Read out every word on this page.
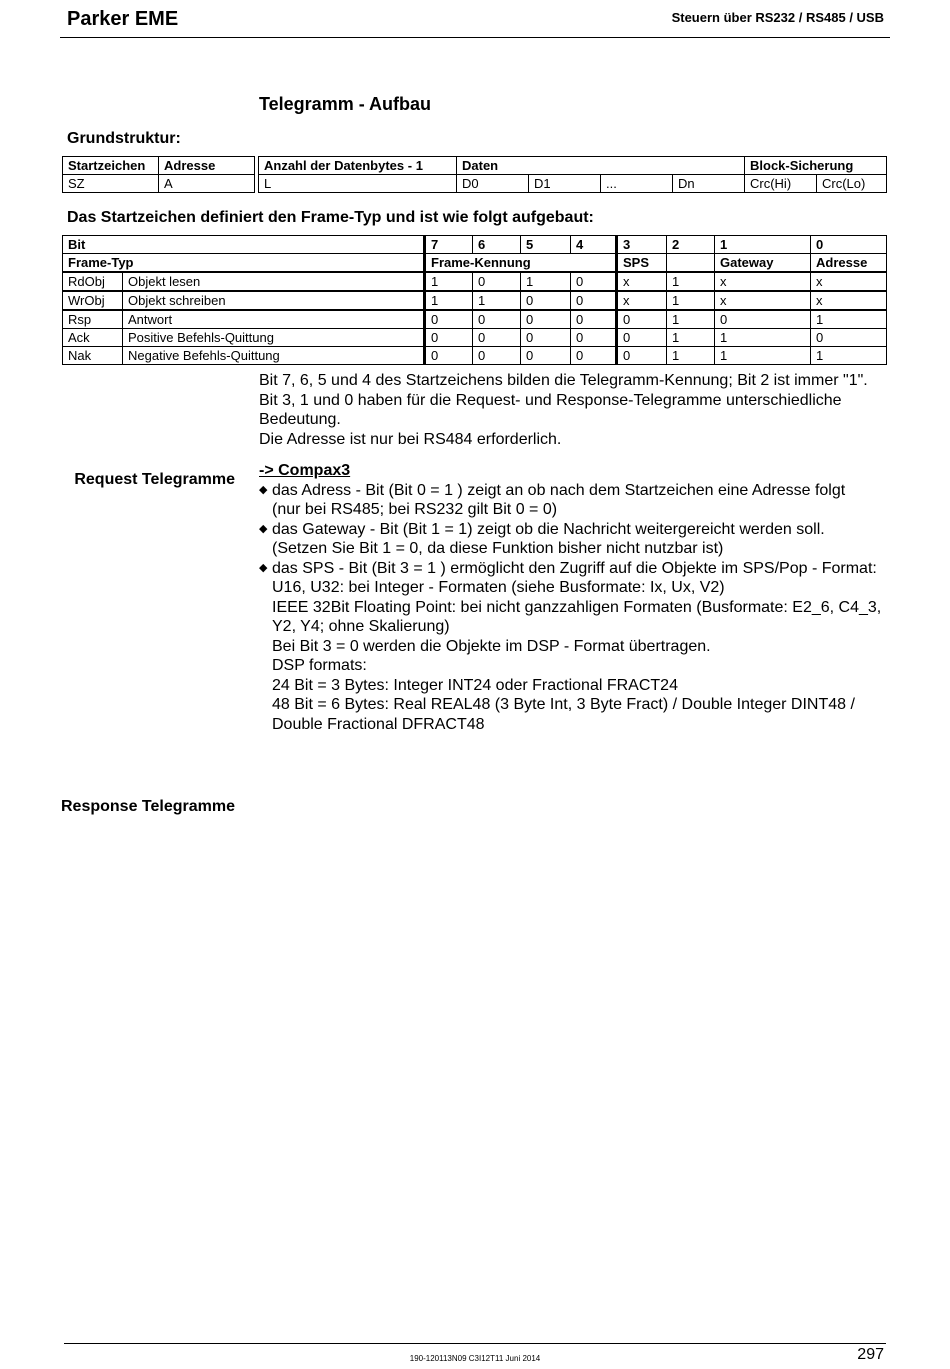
Parker EME	Steuern über RS232 / RS485 / USB
Telegramm - Aufbau
Grundstruktur:
Startzeichen	Adresse		Anzahl der Datenbytes - 1	Daten				Block-Sicherung	
SZ	A		L	D0	D1	...	Dn	Crc(Hi)	Crc(Lo)
Das Startzeichen definiert den Frame-Typ und ist wie folgt aufgebaut:
Bit		7	6	5	4	3	2	1	0
Frame-Typ		Frame-Kennung				SPS		Gateway	Adresse
RdObj	Objekt lesen	1	0	1	0	x	1	x	x
WrObj	Objekt schreiben	1	1	0	0	x	1	x	x
Rsp	Antwort	0	0	0	0	0	1	0	1
Ack	Positive Befehls-Quittung	0	0	0	0	0	1	1	0
Nak	Negative Befehls-Quittung	0	0	0	0	0	1	1	1
Request Telegramme
Response Telegramme

Bit 7, 6, 5 und 4 des Startzeichens bilden die Telegramm-Kennung; Bit 2 ist immer "1".

Bit 3, 1 und 0 haben für die Request- und Response-Telegramme unterschiedliche Bedeutung.

Die Adresse ist nur bei RS484 erforderlich.

-> Compax3

◆ das Adress - Bit (Bit 0 = 1 ) zeigt an ob nach dem Startzeichen eine Adresse folgt
(nur bei RS485; bei RS232 gilt Bit 0 = 0)
◆ das Gateway - Bit (Bit 1 = 1) zeigt ob die Nachricht weitergereicht werden soll.
(Setzen Sie Bit 1 = 0, da diese Funktion bisher nicht nutzbar ist)
◆ das SPS - Bit (Bit 3 = 1 ) ermöglicht den Zugriff auf die Objekte im SPS/Pop - Format:
U16, U32: bei Integer - Formaten (siehe Busformate: Ix, Ux, V2)
IEEE 32Bit Floating Point: bei nicht ganzzahligen Formaten (Busformate: E2_6, C4_3, Y2, Y4; ohne Skalierung)
Bei Bit 3 = 0 werden die Objekte im DSP - Format übertragen.
DSP formats:
24 Bit = 3 Bytes: Integer INT24 oder Fractional FRACT24
48 Bit = 6 Bytes: Real REAL48 (3 Byte Int, 3 Byte Fract) / Double Integer DINT48 / Double Fractional DFRACT48
190-120113N09 C3I12T11 Juni 2014	297
